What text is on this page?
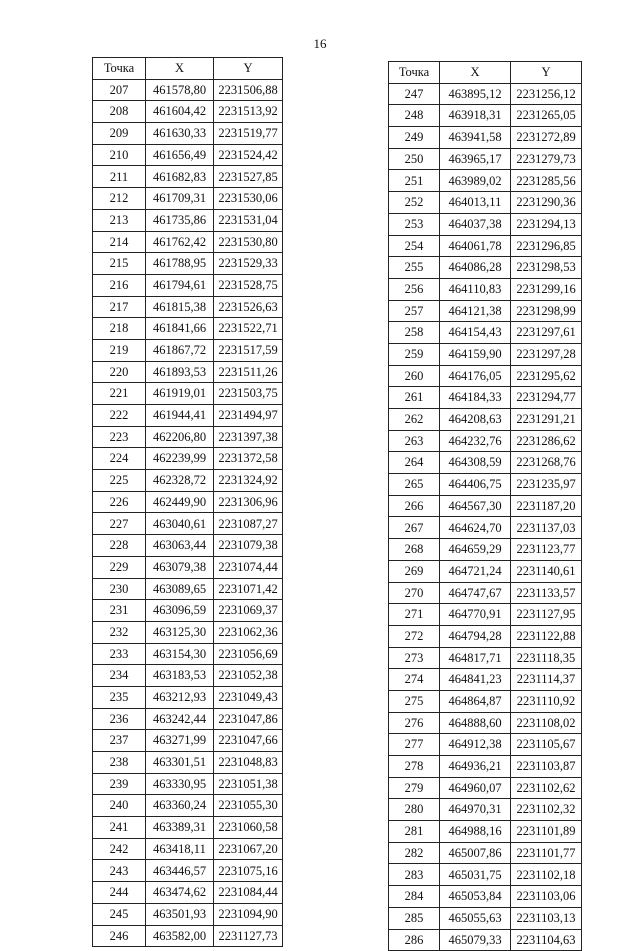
16
Точка	X	Y
207	461578,80	2231506,88
208	461604,42	2231513,92
209	461630,33	2231519,77
210	461656,49	2231524,42
211	461682,83	2231527,85
212	461709,31	2231530,06
213	461735,86	2231531,04
214	461762,42	2231530,80
215	461788,95	2231529,33
216	461794,61	2231528,75
217	461815,38	2231526,63
218	461841,66	2231522,71
219	461867,72	2231517,59
220	461893,53	2231511,26
221	461919,01	2231503,75
222	461944,41	2231494,97
223	462206,80	2231397,38
224	462239,99	2231372,58
225	462328,72	2231324,92
226	462449,90	2231306,96
227	463040,61	2231087,27
228	463063,44	2231079,38
229	463079,38	2231074,44
230	463089,65	2231071,42
231	463096,59	2231069,37
232	463125,30	2231062,36
233	463154,30	2231056,69
234	463183,53	2231052,38
235	463212,93	2231049,43
236	463242,44	2231047,86
237	463271,99	2231047,66
238	463301,51	2231048,83
239	463330,95	2231051,38
240	463360,24	2231055,30
241	463389,31	2231060,58
242	463418,11	2231067,20
243	463446,57	2231075,16
244	463474,62	2231084,44
245	463501,93	2231094,90
246	463582,00	2231127,73
Точка	X	Y
247	463895,12	2231256,12
248	463918,31	2231265,05
249	463941,58	2231272,89
250	463965,17	2231279,73
251	463989,02	2231285,56
252	464013,11	2231290,36
253	464037,38	2231294,13
254	464061,78	2231296,85
255	464086,28	2231298,53
256	464110,83	2231299,16
257	464121,38	2231298,99
258	464154,43	2231297,61
259	464159,90	2231297,28
260	464176,05	2231295,62
261	464184,33	2231294,77
262	464208,63	2231291,21
263	464232,76	2231286,62
264	464308,59	2231268,76
265	464406,75	2231235,97
266	464567,30	2231187,20
267	464624,70	2231137,03
268	464659,29	2231123,77
269	464721,24	2231140,61
270	464747,67	2231133,57
271	464770,91	2231127,95
272	464794,28	2231122,88
273	464817,71	2231118,35
274	464841,23	2231114,37
275	464864,87	2231110,92
276	464888,60	2231108,02
277	464912,38	2231105,67
278	464936,21	2231103,87
279	464960,07	2231102,62
280	464970,31	2231102,32
281	464988,16	2231101,89
282	465007,86	2231101,77
283	465031,75	2231102,18
284	465053,84	2231103,06
285	465055,63	2231103,13
286	465079,33	2231104,63
